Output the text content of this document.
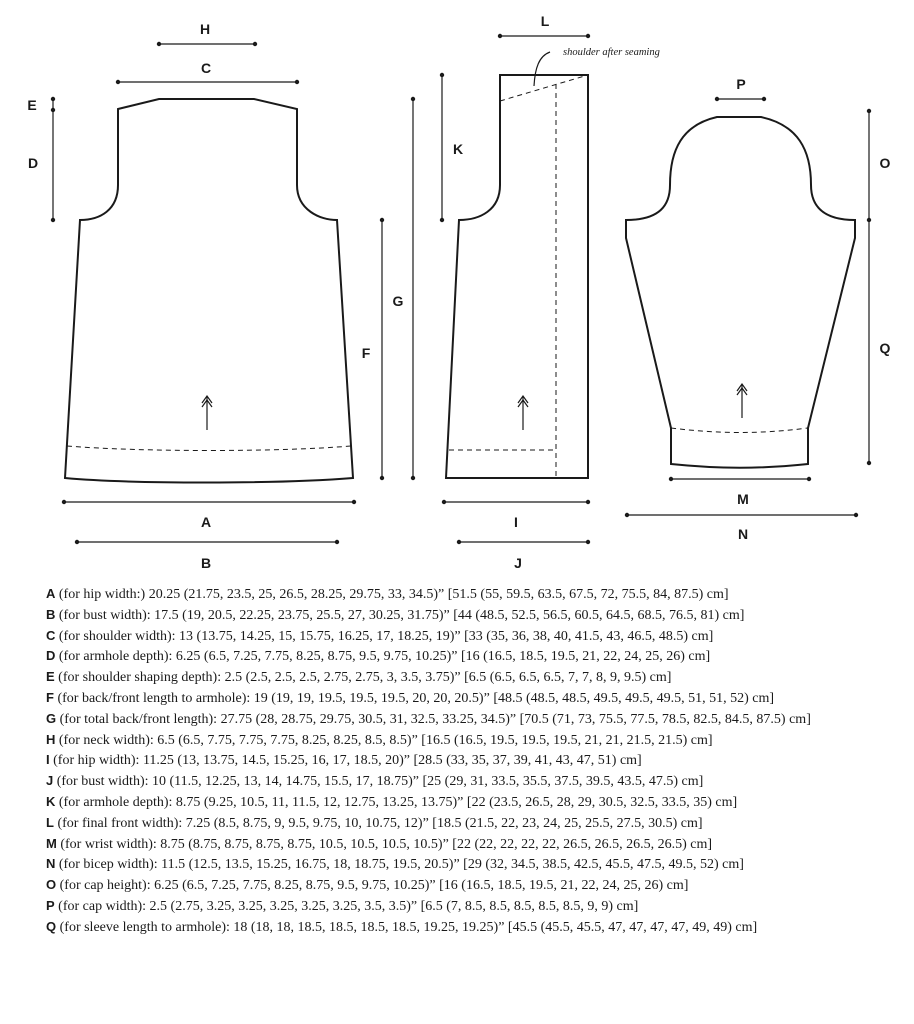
H
C
E
D
F
A
B
shoulder after seaming
L
K
G
I
J
P
O
Q
M
N
A (for hip width:) 20.25 (21.75, 23.5, 25, 26.5, 28.25, 29.75, 33, 34.5)” [51.5 (55, 59.5, 63.5, 67.5, 72, 75.5, 84, 87.5) cm]
B (for bust width): 17.5 (19, 20.5, 22.25, 23.75, 25.5, 27, 30.25, 31.75)” [44 (48.5, 52.5, 56.5, 60.5, 64.5, 68.5, 76.5, 81) cm]
C (for shoulder width): 13 (13.75, 14.25, 15, 15.75, 16.25, 17, 18.25, 19)” [33 (35, 36, 38, 40, 41.5, 43, 46.5, 48.5) cm]
D (for armhole depth): 6.25 (6.5, 7.25, 7.75, 8.25, 8.75, 9.5, 9.75, 10.25)” [16 (16.5, 18.5, 19.5, 21, 22, 24, 25, 26) cm]
E (for shoulder shaping depth): 2.5 (2.5, 2.5, 2.5, 2.75, 2.75, 3, 3.5, 3.75)” [6.5 (6.5, 6.5, 6.5, 7, 7, 8, 9, 9.5) cm]
F (for back/front length to armhole): 19 (19, 19, 19.5, 19.5, 19.5, 20, 20, 20.5)” [48.5 (48.5, 48.5, 49.5, 49.5, 49.5, 51, 51, 52) cm]
G (for total back/front length): 27.75 (28, 28.75, 29.75, 30.5, 31, 32.5, 33.25, 34.5)” [70.5 (71, 73, 75.5, 77.5, 78.5, 82.5, 84.5, 87.5) cm]
H (for neck width): 6.5 (6.5, 7.75, 7.75, 7.75, 8.25, 8.25, 8.5, 8.5)” [16.5 (16.5, 19.5, 19.5, 19.5, 21, 21, 21.5, 21.5) cm]
I (for hip width): 11.25 (13, 13.75, 14.5, 15.25, 16, 17, 18.5, 20)” [28.5 (33, 35, 37, 39, 41, 43, 47, 51) cm]
J (for bust width): 10 (11.5, 12.25, 13, 14, 14.75, 15.5, 17, 18.75)” [25 (29, 31, 33.5, 35.5, 37.5, 39.5, 43.5, 47.5) cm]
K (for armhole depth): 8.75 (9.25, 10.5, 11, 11.5, 12, 12.75, 13.25, 13.75)” [22 (23.5, 26.5, 28, 29, 30.5, 32.5, 33.5, 35) cm]
L (for final front width): 7.25 (8.5, 8.75, 9, 9.5, 9.75, 10, 10.75, 12)” [18.5 (21.5, 22, 23, 24, 25, 25.5, 27.5, 30.5) cm]
M (for wrist width): 8.75 (8.75, 8.75, 8.75, 8.75, 10.5, 10.5, 10.5, 10.5)” [22 (22, 22, 22, 22, 26.5, 26.5, 26.5, 26.5) cm]
N (for bicep width): 11.5 (12.5, 13.5, 15.25, 16.75, 18, 18.75, 19.5, 20.5)” [29 (32, 34.5, 38.5, 42.5, 45.5, 47.5, 49.5, 52) cm]
O (for cap height): 6.25 (6.5, 7.25, 7.75, 8.25, 8.75, 9.5, 9.75, 10.25)” [16 (16.5, 18.5, 19.5, 21, 22, 24, 25, 26) cm]
P (for cap width): 2.5 (2.75, 3.25, 3.25, 3.25, 3.25, 3.25, 3.5, 3.5)” [6.5 (7, 8.5, 8.5, 8.5, 8.5, 8.5, 9, 9) cm]
Q (for sleeve length to armhole): 18 (18, 18, 18.5, 18.5, 18.5, 18.5, 19.25, 19.25)” [45.5 (45.5, 45.5, 47, 47, 47, 47, 49, 49) cm]
